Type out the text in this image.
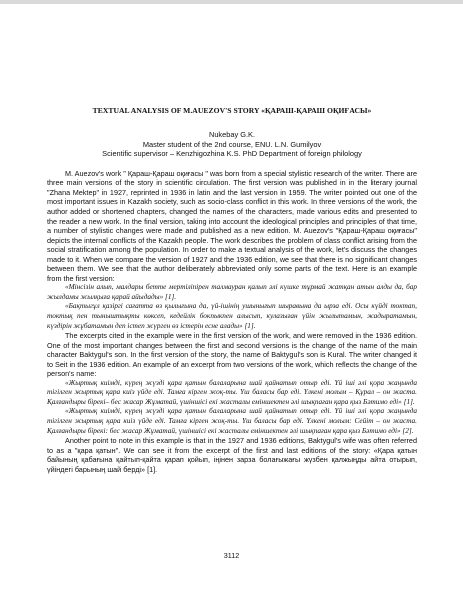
TEXTUAL ANALYSIS OF M.AUEZOV'S STORY «ҚАРАШ-ҚАРАШ ОҚИҒАСЫ»

Nukebay G.K.

Master student of the 2nd course, ENU. L.N. Gumilyov

Scientific supervisor – Kenzhigozhina K.S. PhD Department of foreign philology

M. Auezov's work " Қараш-Қараш оқиғасы " was born from a special stylistic research of the writer. There are three main versions of the story in scientific circulation. The first version was published in in the literary journal "Zhana Mektep" in 1927, reprinted in 1936 in latin and the last version in 1959. The writer pointed out one of the most important issues in Kazakh society, such as socio-class conflict in this work. In three versions of the work, the author added or shortened chapters, changed the names of the characters, made various edits and presented to the reader a new work. In the final version, taking into account the ideological principles and principles of that time, a number of stylistic changes were made and published as a new edition. M. Auezov's "Қараш-Қараш оқиғасы" depicts the internal conflicts of the Kazakh people. The work describes the problem of class conflict arising from the social stratification among the population. In order to make a textual analysis of the work, let's discuss the changes made to it. When we compare the version of 1927 and the 1936 edition, we see that there is no significant changes between them. We see that the author deliberately abbreviated only some parts of the text. Here is an example from the first version:

«Мінсізін алып, малдары бетте мертіліпірен талмауран қалып әлі күшке тұрмай жатқан атын алды да, бар жылдамы жылқыға қарай айыдады» [1].

«Бақтыгұл қазіргі сағатта өз қылығына да, үй-ішінің ушынығып шыравына да ырза еді. Осы күйді токтап, токтық пен тыныштықты көксеп, кедейлік бокпыкпен алысып, кулазыған үйін жылытамын, жадыратамын, күздірін жұбатамын деп істеп жүрген өз істерін есне алады» [1].

The excerpts cited in the example were in the first version of the work, and were removed in the 1936 edition. One of the most important changes between the first and second versions is the change of the name of the main character Baktygul's son. In the first version of the story, the name of Baktygul's son is Kural. The writer changed it to Seit in the 1936 edition. An example of an excerpt from two versions of the work, which reflects the change of the person's name:

«Жыртық киімді, күрең жүзді қара қатын балаларына шай қайнатып отыр еді. Үй іші әлі қора жаңында тігілген жыртық қара киіз үйде еді. Тамға кірген жоқ-ты. Үш баласы бар еді. Үлкені молым – Құрал – он жаста. Қалғандыры бірекі– бес жасар Жұматай, үшіншісі екі жасталы еміншектен әлі шықпаған қара қыз Бәтимо еді» [1].

«Жыртық киімді, күрең жүзді қара қатын балаларына шай қайнатып отыр еді. Үй іші әлі қора жаңында тігілген жыртық қара киіз үйде еді. Тамға кірген жоқ-ты. Үш баласы бар еді. Үлкені молым: Сейіт – он жаста. Қалғандыры бірекі: бес жасар Жұматай, үшіншісі екі жасталы еміншектен әлі шықпаған қара қыз Бәтимо еді» [2].

Another point to note in this example is that in the 1927 and 1936 editions, Baktygul's wife was often referred to as a "қара қатын". We can see it from the excerpt of the first and last editions of the story: «Қара қатын байының қабағына қайтып-қайта қарап қойып, іңінен зарза болағыжағы жүзбен қалжыңды айта отырып, үйіндегі барының шай берді» [1].

3112
